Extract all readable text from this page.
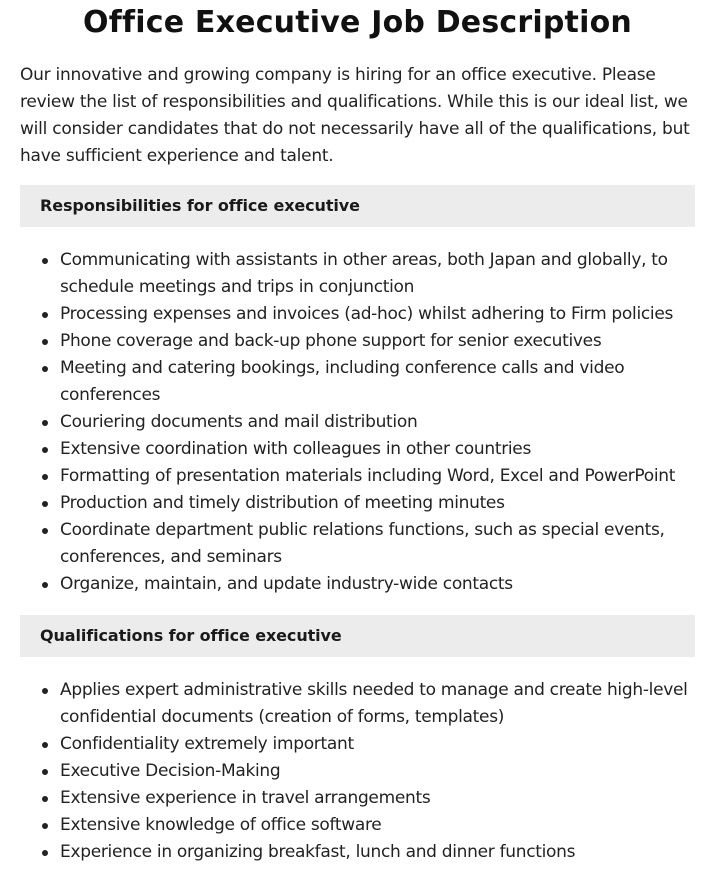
Office Executive Job Description

Our innovative and growing company is hiring for an office executive. Please review the list of responsibilities and qualifications. While this is our ideal list, we will consider candidates that do not necessarily have all of the qualifications, but have sufficient experience and talent.

Responsibilities for office executive
Communicating with assistants in other areas, both Japan and globally, to schedule meetings and trips in conjunction
Processing expenses and invoices (ad-hoc) whilst adhering to Firm policies
Phone coverage and back-up phone support for senior executives
Meeting and catering bookings, including conference calls and video conferences
Couriering documents and mail distribution
Extensive coordination with colleagues in other countries
Formatting of presentation materials including Word, Excel and PowerPoint
Production and timely distribution of meeting minutes
Coordinate department public relations functions, such as special events, conferences, and seminars
Organize, maintain, and update industry-wide contacts
Qualifications for office executive
Applies expert administrative skills needed to manage and create high-level confidential documents (creation of forms, templates)
Confidentiality extremely important
Executive Decision-Making
Extensive experience in travel arrangements
Extensive knowledge of office software
Experience in organizing breakfast, lunch and dinner functions
